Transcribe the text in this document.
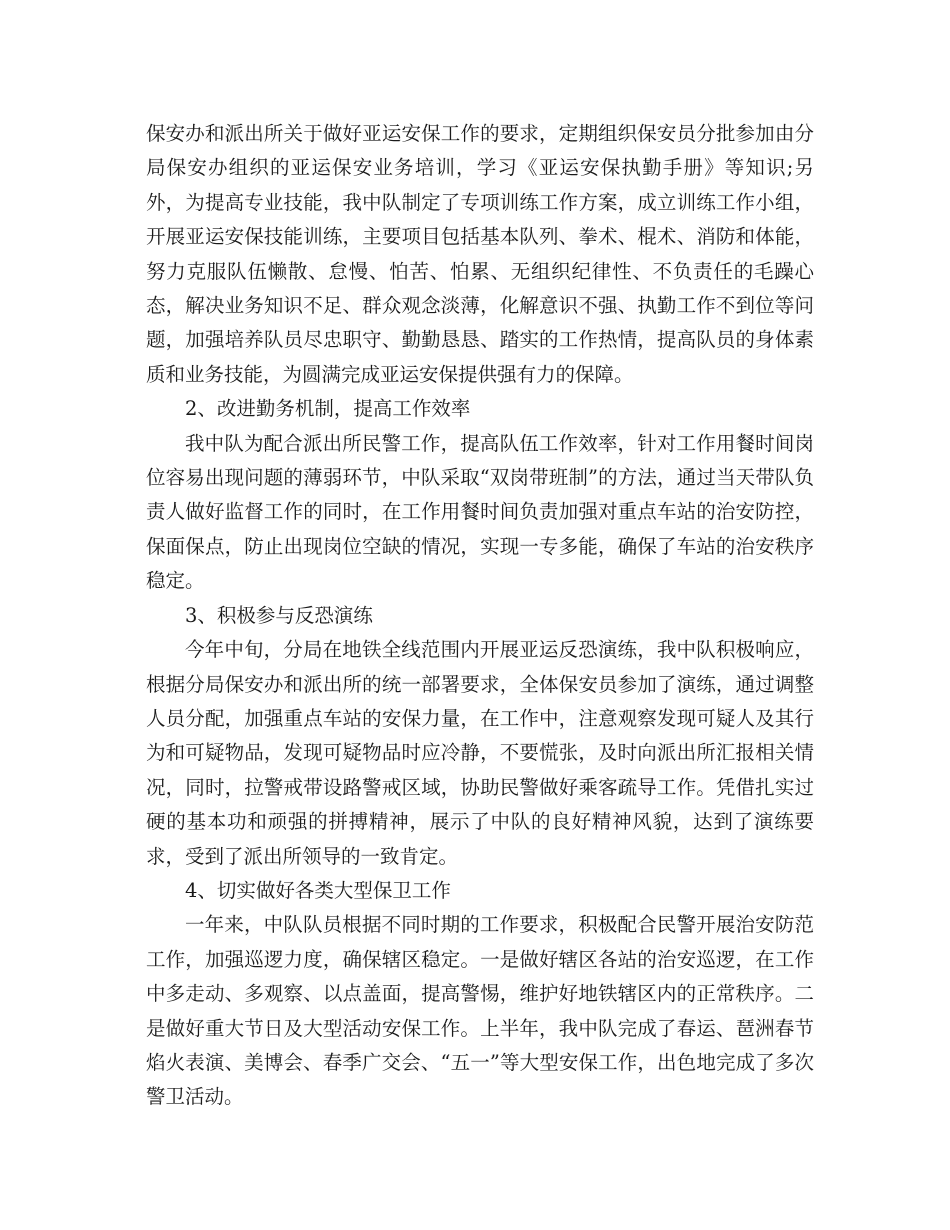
保安办和派出所关于做好亚运安保工作的要求，定期组织保安员分批参加由分局保安办组织的亚运保安业务培训，学习《亚运安保执勤手册》等知识;另外，为提高专业技能，我中队制定了专项训练工作方案，成立训练工作小组，开展亚运安保技能训练，主要项目包括基本队列、拳术、棍术、消防和体能，努力克服队伍懒散、怠慢、怕苦、怕累、无组织纪律性、不负责任的毛躁心态，解决业务知识不足、群众观念淡薄，化解意识不强、执勤工作不到位等问题，加强培养队员尽忠职守、勤勤恳恳、踏实的工作热情，提高队员的身体素质和业务技能，为圆满完成亚运安保提供强有力的保障。

2、改进勤务机制，提高工作效率

我中队为配合派出所民警工作，提高队伍工作效率，针对工作用餐时间岗位容易出现问题的薄弱环节，中队采取“双岗带班制”的方法，通过当天带队负责人做好监督工作的同时，在工作用餐时间负责加强对重点车站的治安防控，保面保点，防止出现岗位空缺的情况，实现一专多能，确保了车站的治安秩序稳定。

3、积极参与反恐演练

今年中旬，分局在地铁全线范围内开展亚运反恐演练，我中队积极响应，根据分局保安办和派出所的统一部署要求，全体保安员参加了演练，通过调整人员分配，加强重点车站的安保力量，在工作中，注意观察发现可疑人及其行为和可疑物品，发现可疑物品时应冷静，不要慌张，及时向派出所汇报相关情况，同时，拉警戒带设路警戒区域，协助民警做好乘客疏导工作。凭借扎实过硬的基本功和顽强的拼搏精神，展示了中队的良好精神风貌，达到了演练要求，受到了派出所领导的一致肯定。

4、切实做好各类大型保卫工作

一年来，中队队员根据不同时期的工作要求，积极配合民警开展治安防范工作，加强巡逻力度，确保辖区稳定。一是做好辖区各站的治安巡逻，在工作中多走动、多观察、以点盖面，提高警惕，维护好地铁辖区内的正常秩序。二是做好重大节日及大型活动安保工作。上半年，我中队完成了春运、琶洲春节焰火表演、美博会、春季广交会、“五一”等大型安保工作，出色地完成了多次警卫活动。
